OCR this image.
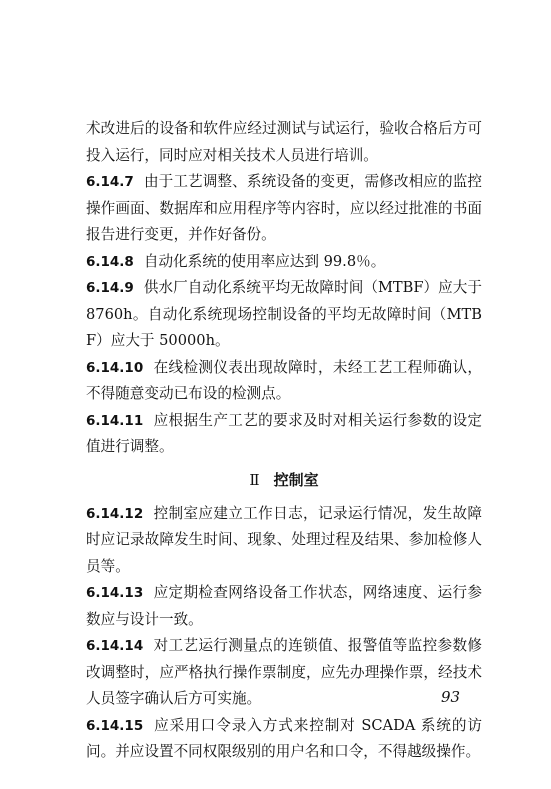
术改进后的设备和软件应经过测试与试运行，验收合格后方可投入运行，同时应对相关技术人员进行培训。

6.14.7 由于工艺调整、系统设备的变更，需修改相应的监控操作画面、数据库和应用程序等内容时，应以经过批准的书面报告进行变更，并作好备份。

6.14.8 自动化系统的使用率应达到 99.8％。

6.14.9 供水厂自动化系统平均无故障时间（MTBF）应大于 8760h。自动化系统现场控制设备的平均无故障时间（MTBF）应大于 50000h。

6.14.10 在线检测仪表出现故障时，未经工艺工程师确认，不得随意变动已布设的检测点。

6.14.11 应根据生产工艺的要求及时对相关运行参数的设定值进行调整。

Ⅱ 控制室

6.14.12 控制室应建立工作日志，记录运行情况，发生故障时应记录故障发生时间、现象、处理过程及结果、参加检修人员等。

6.14.13 应定期检查网络设备工作状态，网络速度、运行参数应与设计一致。

6.14.14 对工艺运行测量点的连锁值、报警值等监控参数修改调整时，应严格执行操作票制度，应先办理操作票，经技术人员签字确认后方可实施。

6.14.15 应采用口令录入方式来控制对 SCADA 系统的访问。并应设置不同权限级别的用户名和口令，不得越级操作。

93
